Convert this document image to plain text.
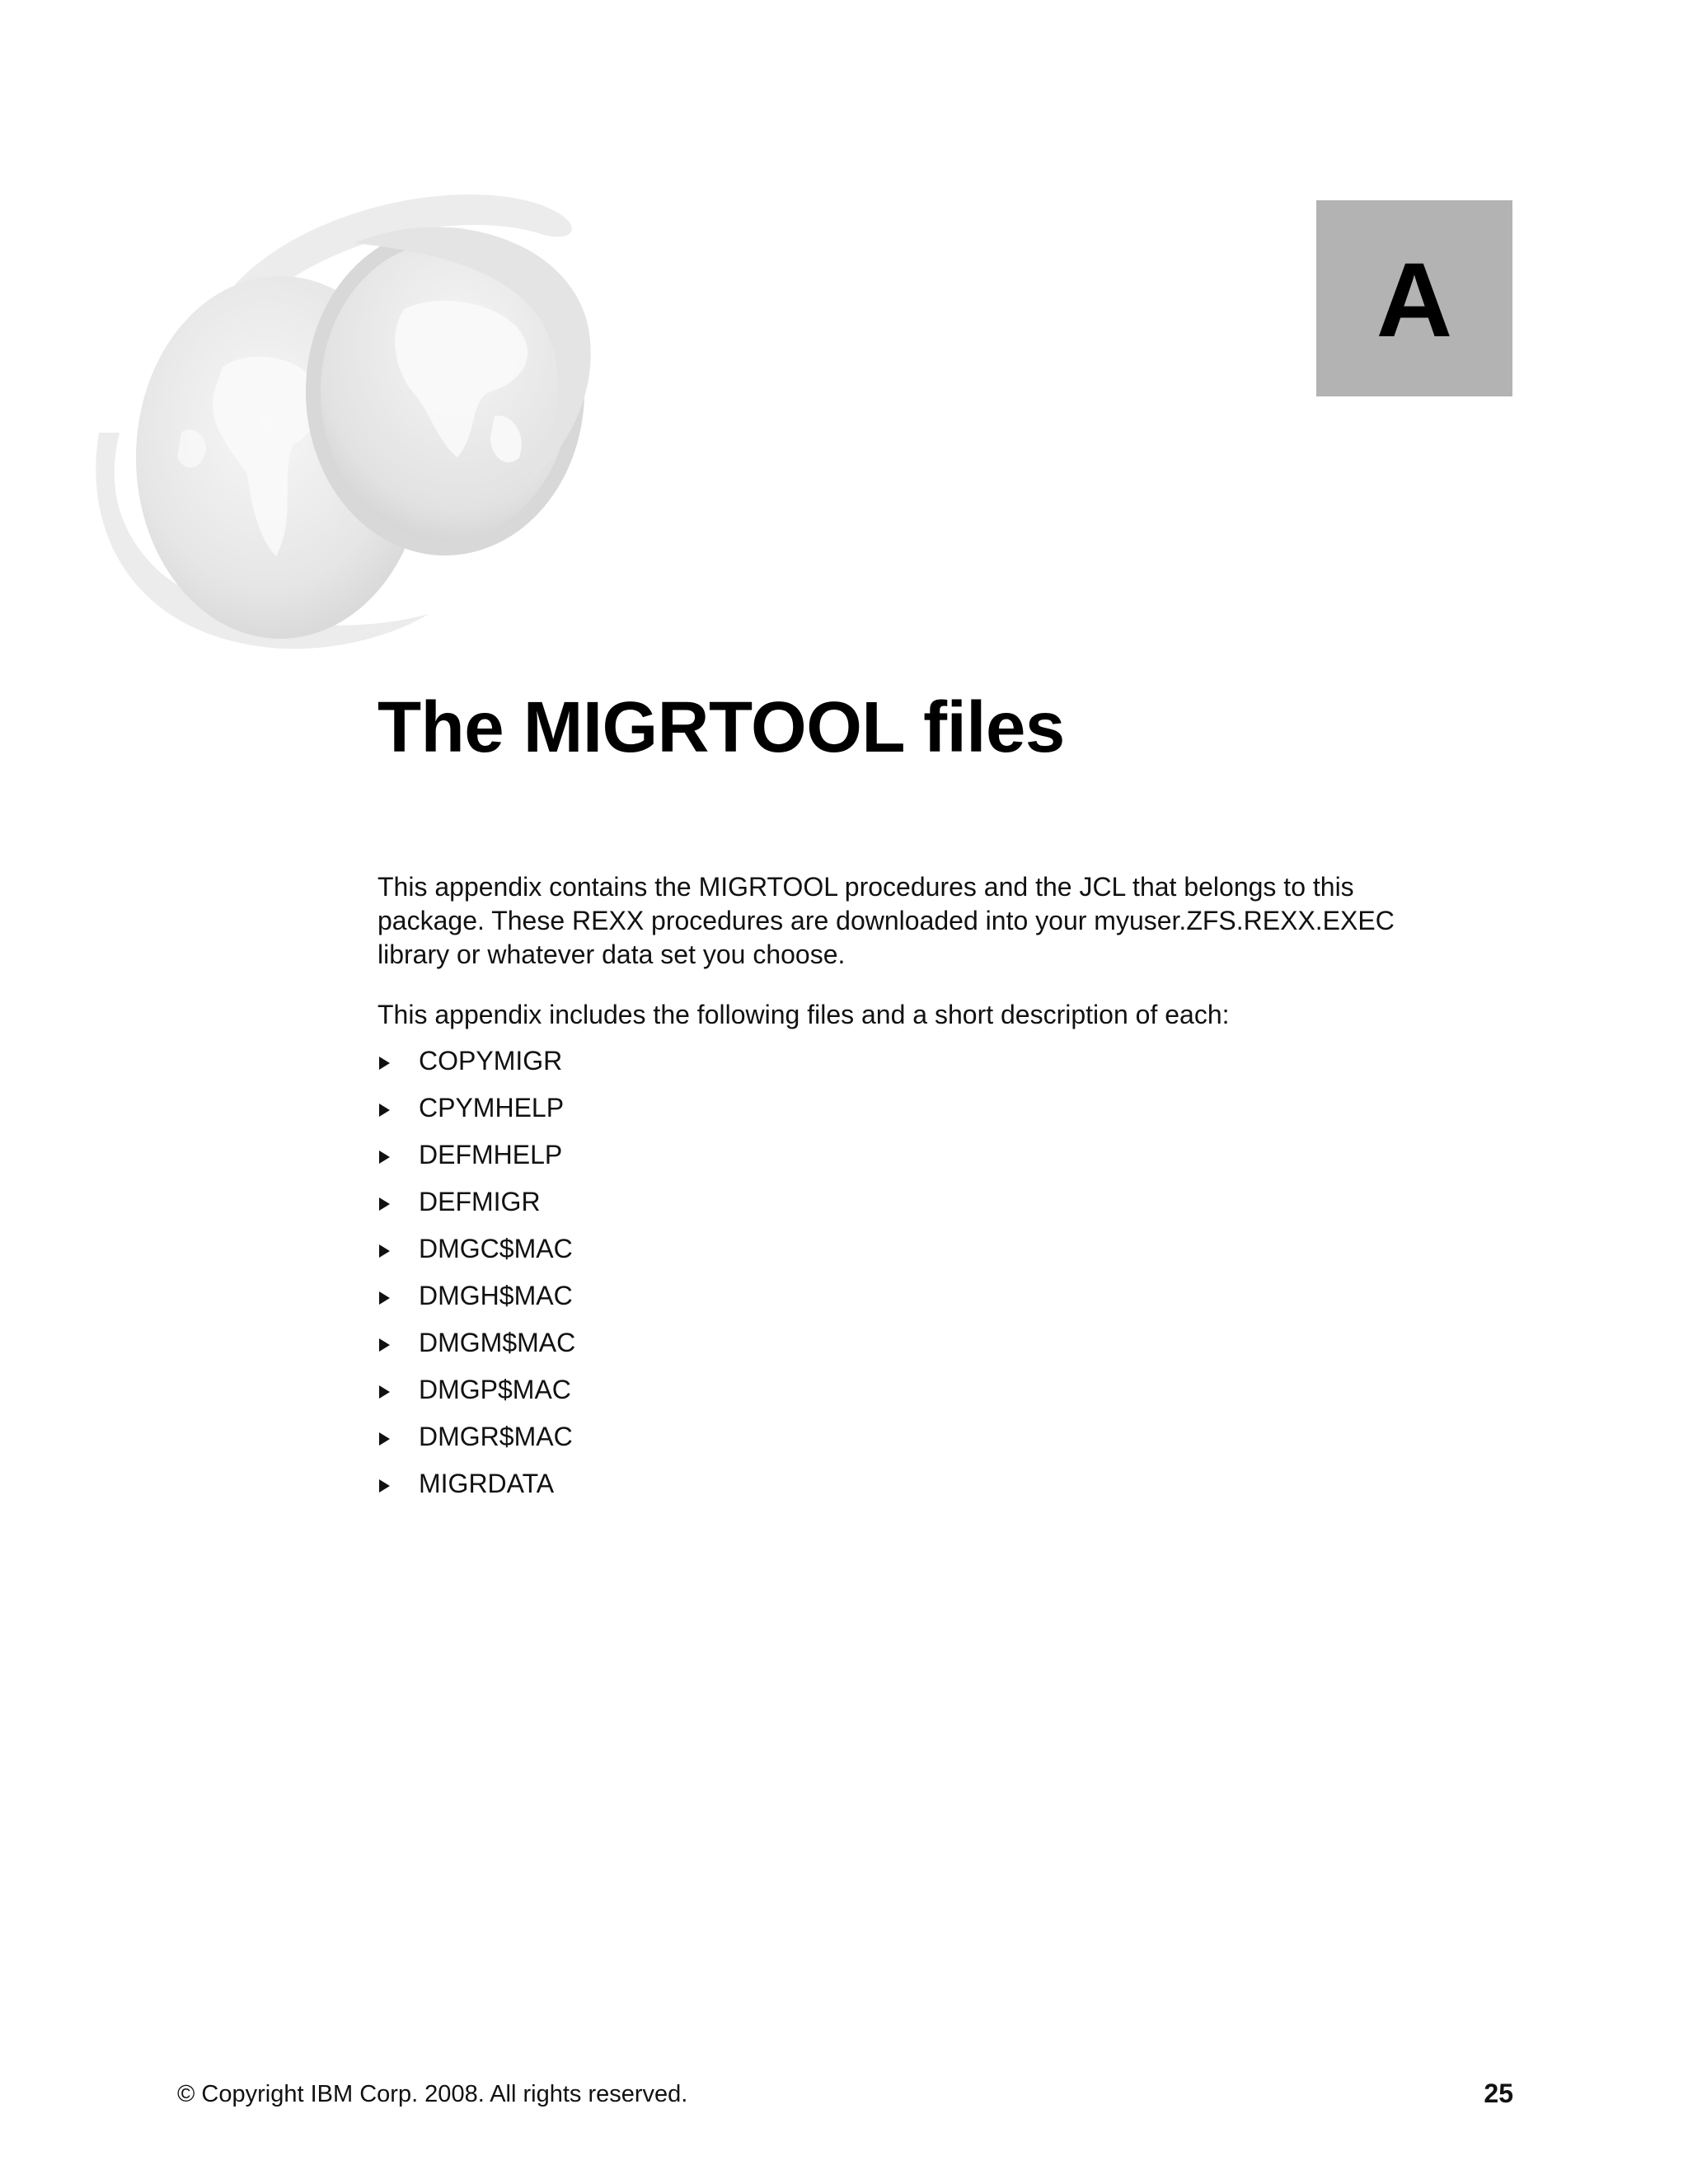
A
The MIGRTOOL files

This appendix contains the MIGRTOOL procedures and the JCL that belongs to this package. These REXX procedures are downloaded into your myuser.ZFS.REXX.EXEC library or whatever data set you choose.

This appendix includes the following files and a short description of each:

COPYMIGR
CPYMHELP
DEFMHELP
DEFMIGR
DMGC$MAC
DMGH$MAC
DMGM$MAC
DMGP$MAC
DMGR$MAC
MIGRDATA
© Copyright IBM Corp. 2008. All rights reserved.	25
